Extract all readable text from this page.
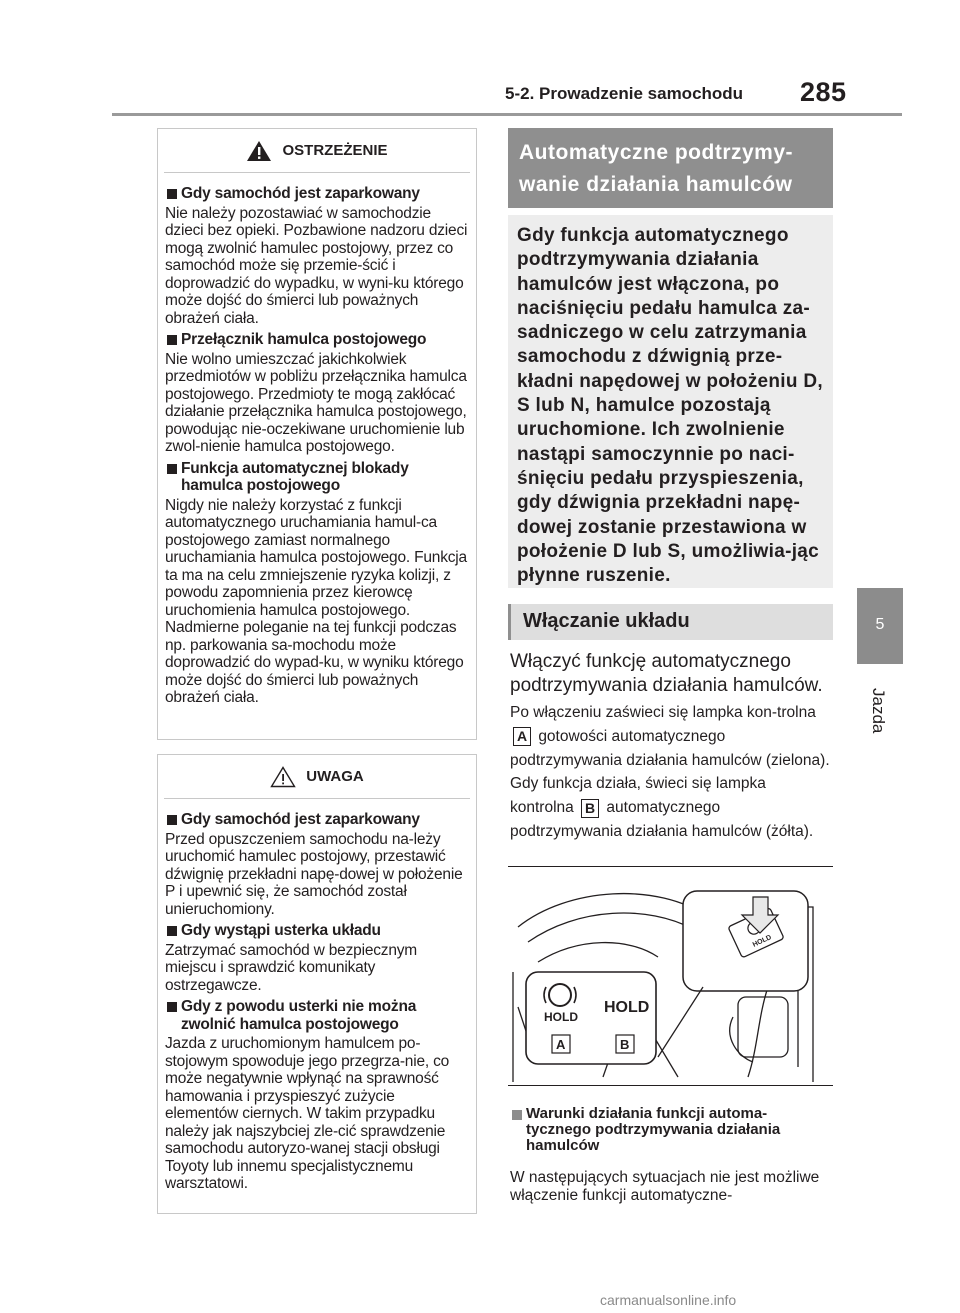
5-2. Prowadzenie samochodu 285
5
Jazda
OSTRZEŻENIE
Gdy samochód jest zaparkowany
Nie należy pozostawiać w samochodzie dzieci bez opieki. Pozbawione nadzoru dzieci mogą zwolnić hamulec postojowy, przez co samochód może się przemie-ścić i doprowadzić do wypadku, w wyni-ku którego może dojść do śmierci lub poważnych obrażeń ciała.
Przełącznik hamulca postojowego
Nie wolno umieszczać jakichkolwiek przedmiotów w pobliżu przełącznika hamulca postojowego. Przedmioty te mogą zakłócać działanie przełącznika hamulca postojowego, powodując nie-oczekiwane uruchomienie lub zwol-nienie hamulca postojowego.
Funkcja automatycznej blokady hamulca postojowego
Nigdy nie należy korzystać z funkcji automatycznego uruchamiania hamul-ca postojowego zamiast normalnego uruchamiania hamulca postojowego. Funkcja ta ma na celu zmniejszenie ryzyka kolizji, z powodu zapomnienia przez kierowcę uruchomienia hamulca postojowego. Nadmierne poleganie na tej funkcji podczas np. parkowania sa-mochodu może doprowadzić do wypad-ku, w wyniku którego może dojść do śmierci lub poważnych obrażeń ciała.
UWAGA
Gdy samochód jest zaparkowany
Przed opuszczeniem samochodu na-leży uruchomić hamulec postojowy, przestawić dźwignię przekładni napę-dowej w położenie P i upewnić się, że samochód został unieruchomiony.
Gdy wystąpi usterka układu
Zatrzymać samochód w bezpiecznym miejscu i sprawdzić komunikaty ostrzegawcze.
Gdy z powodu usterki nie można zwolnić hamulca postojowego
Jazda z uruchomionym hamulcem po-stojowym spowoduje jego przegrza-nie, co może negatywnie wpłynąć na sprawność hamowania i przyspieszyć zużycie elementów ciernych. W takim przypadku należy jak najszybciej zle-cić sprawdzenie samochodu autoryzo-wanej stacji obsługi Toyoty lub innemu specjalistycznemu warsztatowi.
Automatyczne podtrzymy-wanie działania hamulców
Gdy funkcja automatycznego podtrzymywania działania hamulców jest włączona, po naciśnięciu pedału hamulca za-sadniczego w celu zatrzymania samochodu z dźwignią prze-kładni napędowej w położeniu D, S lub N, hamulce pozostają uruchomione. Ich zwolnienie nastąpi samoczynnie po naci-śnięciu pedału przyspieszenia, gdy dźwignia przekładni napę-dowej zostanie przestawiona w położenie D lub S, umożliwia-jąc płynne ruszenie.
Włączanie układu
Włączyć funkcję automatycznego podtrzymywania działania hamulców.
Po włączeniu zaświeci się lampka kon-trolna A gotowości automatycznego podtrzymywania działania hamulców (zielona). Gdy funkcja działa, świeci się lampka kontrolna B automatycznego podtrzymywania działania hamulców (żółta).
HOLD
HOLD
HOLD
A	B
Warunki działania funkcji automa-tycznego podtrzymywania działania hamulców
W następujących sytuacjach nie jest możliwe włączenie funkcji automatyczne-
carmanualsonline.info
